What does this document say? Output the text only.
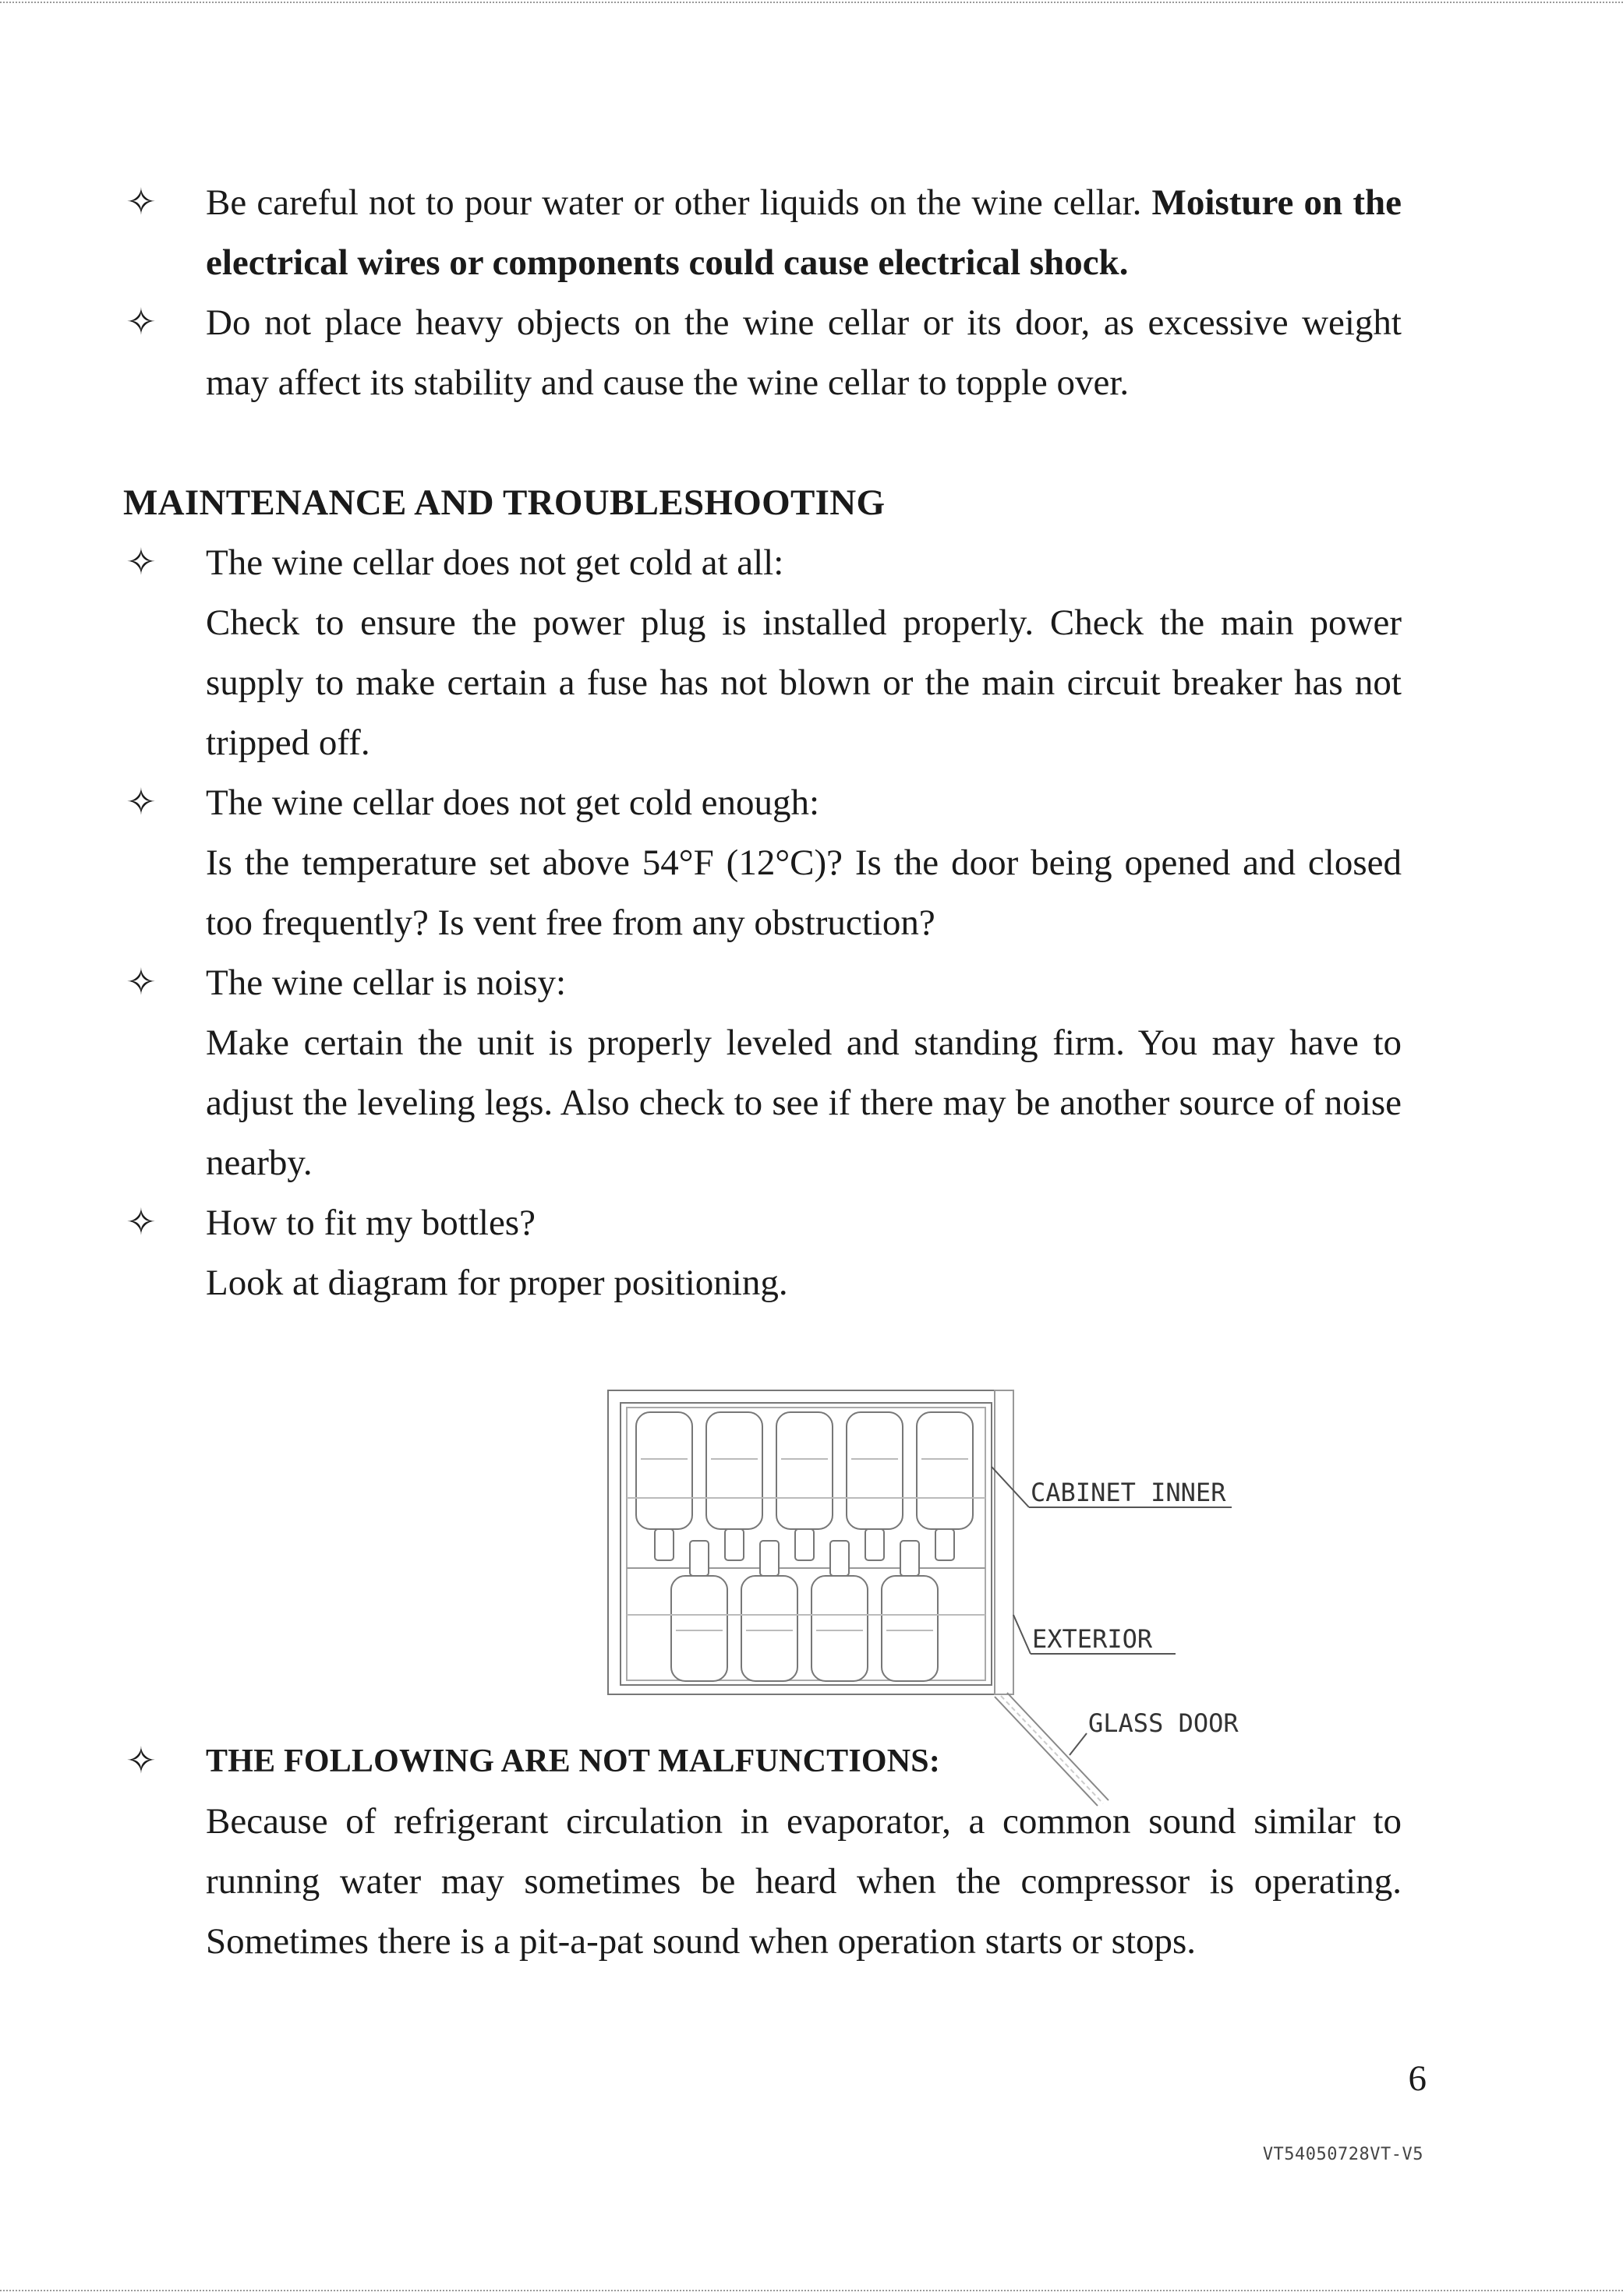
✧ Be careful not to pour water or other liquids on the wine cellar. Moisture on the electrical wires or components could cause electrical shock.
✧ Do not place heavy objects on the wine cellar or its door, as excessive weight may affect its stability and cause the wine cellar to topple over.

MAINTENANCE AND TROUBLESHOOTING

✧ The wine cellar does not get cold at all:

Check to ensure the power plug is installed properly. Check the main power supply to make certain a fuse has not blown or the main circuit breaker has not tripped off.

✧ The wine cellar does not get cold enough:

Is the temperature set above 54°F (12°C)? Is the door being opened and closed too frequently? Is vent free from any obstruction?

✧ The wine cellar is noisy:

Make certain the unit is properly leveled and standing firm. You may have to adjust the leveling legs. Also check to see if there may be another source of noise nearby.

✧ How to fit my bottles?

Look at diagram for proper positioning.

CABINET INNER
EXTERIOR
GLASS DOOR
✧ THE FOLLOWING ARE NOT MALFUNCTIONS:

Because of refrigerant circulation in evaporator, a common sound similar to running water may sometimes be heard when the compressor is operating. Sometimes there is a pit-a-pat sound when operation starts or stops.

6
VT54050728VT-V5
